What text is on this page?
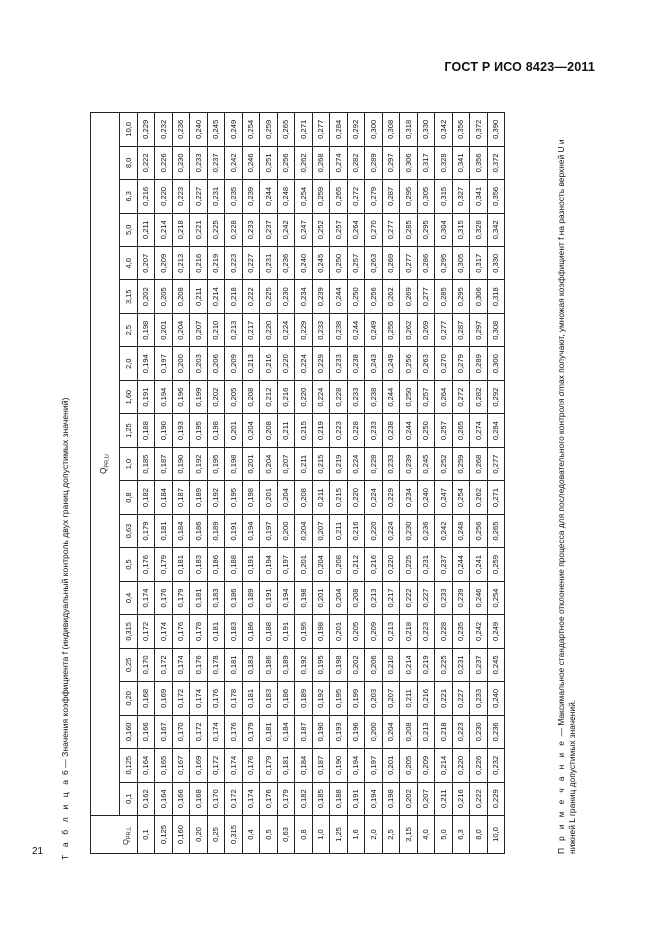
ГОСТ Р ИСО 8423—2011
Т а б л и ц а 6 — Значения коэффициента f (индивидуальный контроль двух границ допустимых значений)
$Q_{PR,L}$	$Q_{PR,U}$
	0,1	0,125	0,160	0,20	0,25	0,315	0,4	0,5	0,63	0,8	1,0	1,25	1,60	2,0	2,5	3,15	4,0	5,0	6,3	8,0	10,0
0,1	0,162	0,164	0,166	0,168	0,170	0,172	0,174	0,176	0,179	0,182	0,185	0,188	0,191	0,194	0,198	0,202	0,207	0,211	0,216	0,222	0,229
0,125	0,164	0,165	0,167	0,169	0,172	0,174	0,176	0,179	0,181	0,184	0,187	0,190	0,194	0,197	0,201	0,205	0,209	0,214	0,220	0,226	0,232
0,160	0,166	0,167	0,170	0,172	0,174	0,176	0,179	0,181	0,184	0,187	0,190	0,193	0,196	0,200	0,204	0,208	0,213	0,218	0,223	0,230	0,236
0,20	0,168	0,169	0,172	0,174	0,176	0,178	0,181	0,183	0,186	0,189	0,192	0,195	0,199	0,203	0,207	0,211	0,216	0,221	0,227	0,233	0,240
0,25	0,170	0,172	0,174	0,176	0,178	0,181	0,183	0,186	0,189	0,192	0,195	0,198	0,202	0,206	0,210	0,214	0,219	0,225	0,231	0,237	0,245
0,315	0,172	0,174	0,176	0,178	0,181	0,183	0,186	0,188	0,191	0,195	0,198	0,201	0,205	0,209	0,213	0,218	0,223	0,228	0,235	0,242	0,249
0,4	0,174	0,176	0,179	0,181	0,183	0,186	0,189	0,191	0,194	0,198	0,201	0,204	0,208	0,213	0,217	0,222	0,227	0,233	0,239	0,246	0,254
0,5	0,176	0,179	0,181	0,183	0,186	0,188	0,191	0,194	0,197	0,201	0,204	0,208	0,212	0,216	0,220	0,225	0,231	0,237	0,244	0,251	0,259
0,63	0,179	0,181	0,184	0,186	0,189	0,191	0,194	0,197	0,200	0,204	0,207	0,211	0,216	0,220	0,224	0,230	0,236	0,242	0,248	0,256	0,265
0,8	0,182	0,184	0,187	0,189	0,192	0,195	0,198	0,201	0,204	0,208	0,211	0,215	0,220	0,224	0,229	0,234	0,240	0,247	0,254	0,262	0,271
1,0	0,185	0,187	0,190	0,192	0,195	0,198	0,201	0,204	0,207	0,211	0,215	0,219	0,224	0,229	0,233	0,239	0,245	0,252	0,259	0,268	0,277
1,25	0,188	0,190	0,193	0,195	0,198	0,201	0,204	0,208	0,211	0,215	0,219	0,223	0,228	0,233	0,238	0,244	0,250	0,257	0,265	0,274	0,284
1,6	0,191	0,194	0,196	0,199	0,202	0,205	0,208	0,212	0,216	0,220	0,224	0,228	0,233	0,238	0,244	0,250	0,257	0,264	0,272	0,282	0,292
2,0	0,194	0,197	0,200	0,203	0,206	0,209	0,213	0,216	0,220	0,224	0,228	0,233	0,238	0,243	0,249	0,256	0,263	0,270	0,279	0,289	0,300
2,5	0,198	0,201	0,204	0,207	0,210	0,213	0,217	0,220	0,224	0,229	0,233	0,238	0,244	0,249	0,255	0,262	0,269	0,277	0,287	0,297	0,308
3,15	0,202	0,205	0,208	0,211	0,214	0,218	0,222	0,225	0,230	0,234	0,239	0,244	0,250	0,256	0,262	0,269	0,277	0,285	0,295	0,306	0,318
4,0	0,207	0,209	0,213	0,216	0,219	0,223	0,227	0,231	0,236	0,240	0,245	0,250	0,257	0,263	0,269	0,277	0,286	0,295	0,305	0,317	0,330
5,0	0,211	0,214	0,218	0,221	0,225	0,228	0,233	0,237	0,242	0,247	0,252	0,257	0,264	0,270	0,277	0,285	0,295	0,304	0,315	0,328	0,342
6,3	0,216	0,220	0,223	0,227	0,231	0,235	0,239	0,244	0,248	0,254	0,259	0,265	0,272	0,279	0,287	0,295	0,305	0,315	0,327	0,341	0,356
8,0	0,222	0,226	0,230	0,233	0,237	0,242	0,246	0,241	0,256	0,262	0,268	0,274	0,282	0,289	0,297	0,306	0,317	0,328	0,341	0,356	0,372
10,0	0,229	0,232	0,236	0,240	0,245	0,249	0,254	0,259	0,265	0,271	0,277	0,284	0,292	0,300	0,308	0,318	0,330	0,342	0,356	0,372	0,390
П р и м е ч а н и е — Максимальное стандартное отклонение процесса для последовательного контроля σmax получают, умножая коэффициент f на разность верхней U и нижней L границ допустимых значений.
21
